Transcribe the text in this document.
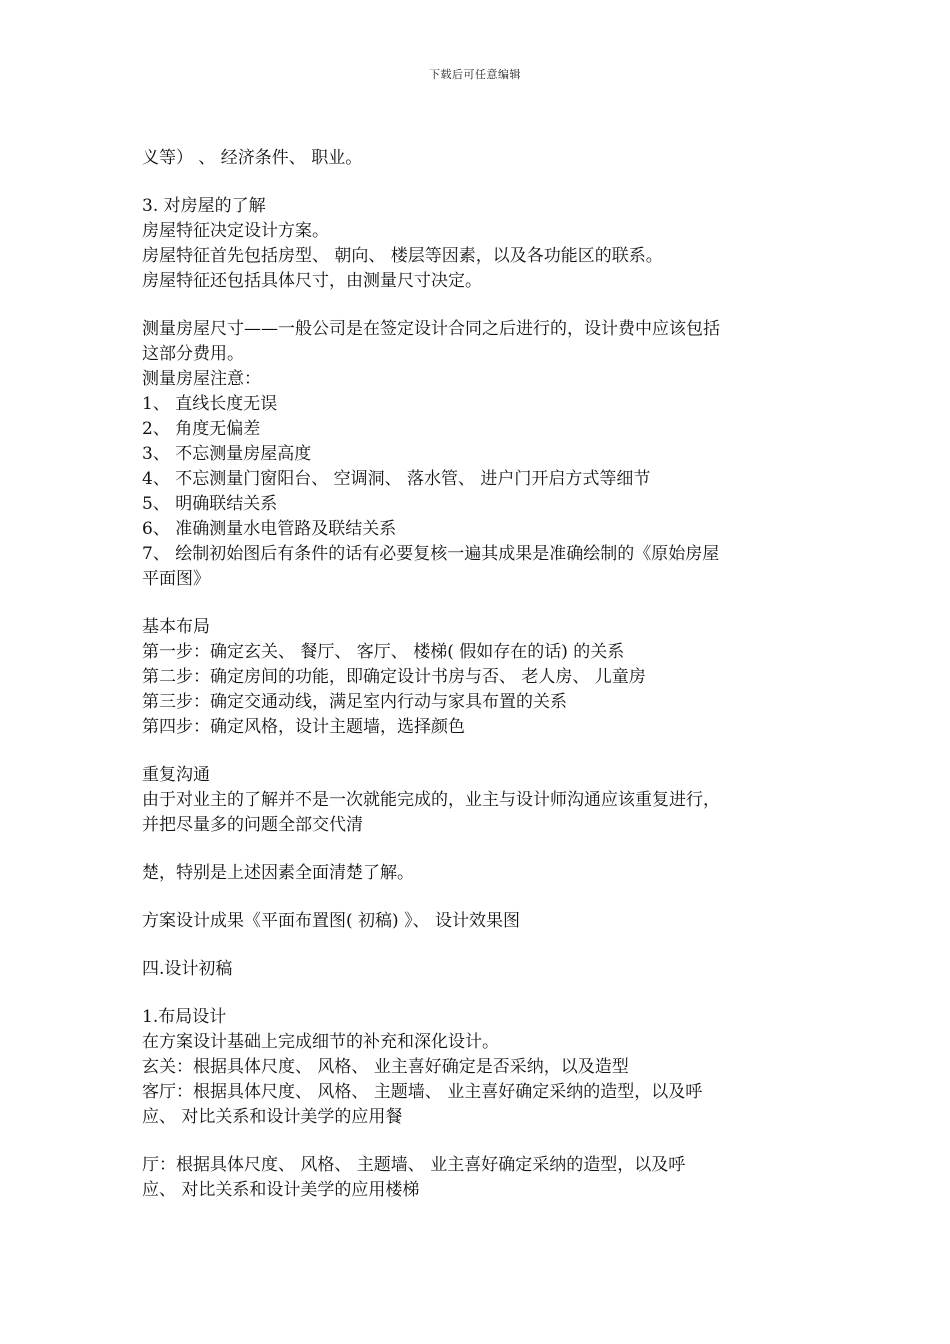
下载后可任意编辑
义等） 、 经济条件、 职业。
3. 对房屋的了解
房屋特征决定设计方案。
房屋特征首先包括房型、 朝向、 楼层等因素，以及各功能区的联系。
房屋特征还包括具体尺寸，由测量尺寸决定。
测量房屋尺寸——一般公司是在签定设计合同之后进行的，设计费中应该包括
这部分费用。
测量房屋注意：
1、 直线长度无误
2、 角度无偏差
3、 不忘测量房屋高度
4、 不忘测量门窗阳台、 空调洞、 落水管、 进户门开启方式等细节
5、 明确联结关系
6、 准确测量水电管路及联结关系
7、 绘制初始图后有条件的话有必要复核一遍其成果是准确绘制的《原始房屋
平面图》
基本布局
第一步：确定玄关、 餐厅、 客厅、 楼梯( 假如存在的话) 的关系
第二步：确定房间的功能，即确定设计书房与否、 老人房、 儿童房
第三步：确定交通动线，满足室内行动与家具布置的关系
第四步：确定风格，设计主题墙，选择颜色
重复沟通
由于对业主的了解并不是一次就能完成的，业主与设计师沟通应该重复进行，
并把尽量多的问题全部交代清
楚，特别是上述因素全面清楚了解。
方案设计成果《平面布置图( 初稿) 》、 设计效果图
四.设计初稿
1.布局设计
在方案设计基础上完成细节的补充和深化设计。
玄关：根据具体尺度、 风格、 业主喜好确定是否采纳，以及造型
客厅：根据具体尺度、 风格、 主题墙、 业主喜好确定采纳的造型，以及呼
应、 对比关系和设计美学的应用餐
厅：根据具体尺度、 风格、 主题墙、 业主喜好确定采纳的造型，以及呼
应、 对比关系和设计美学的应用楼梯
